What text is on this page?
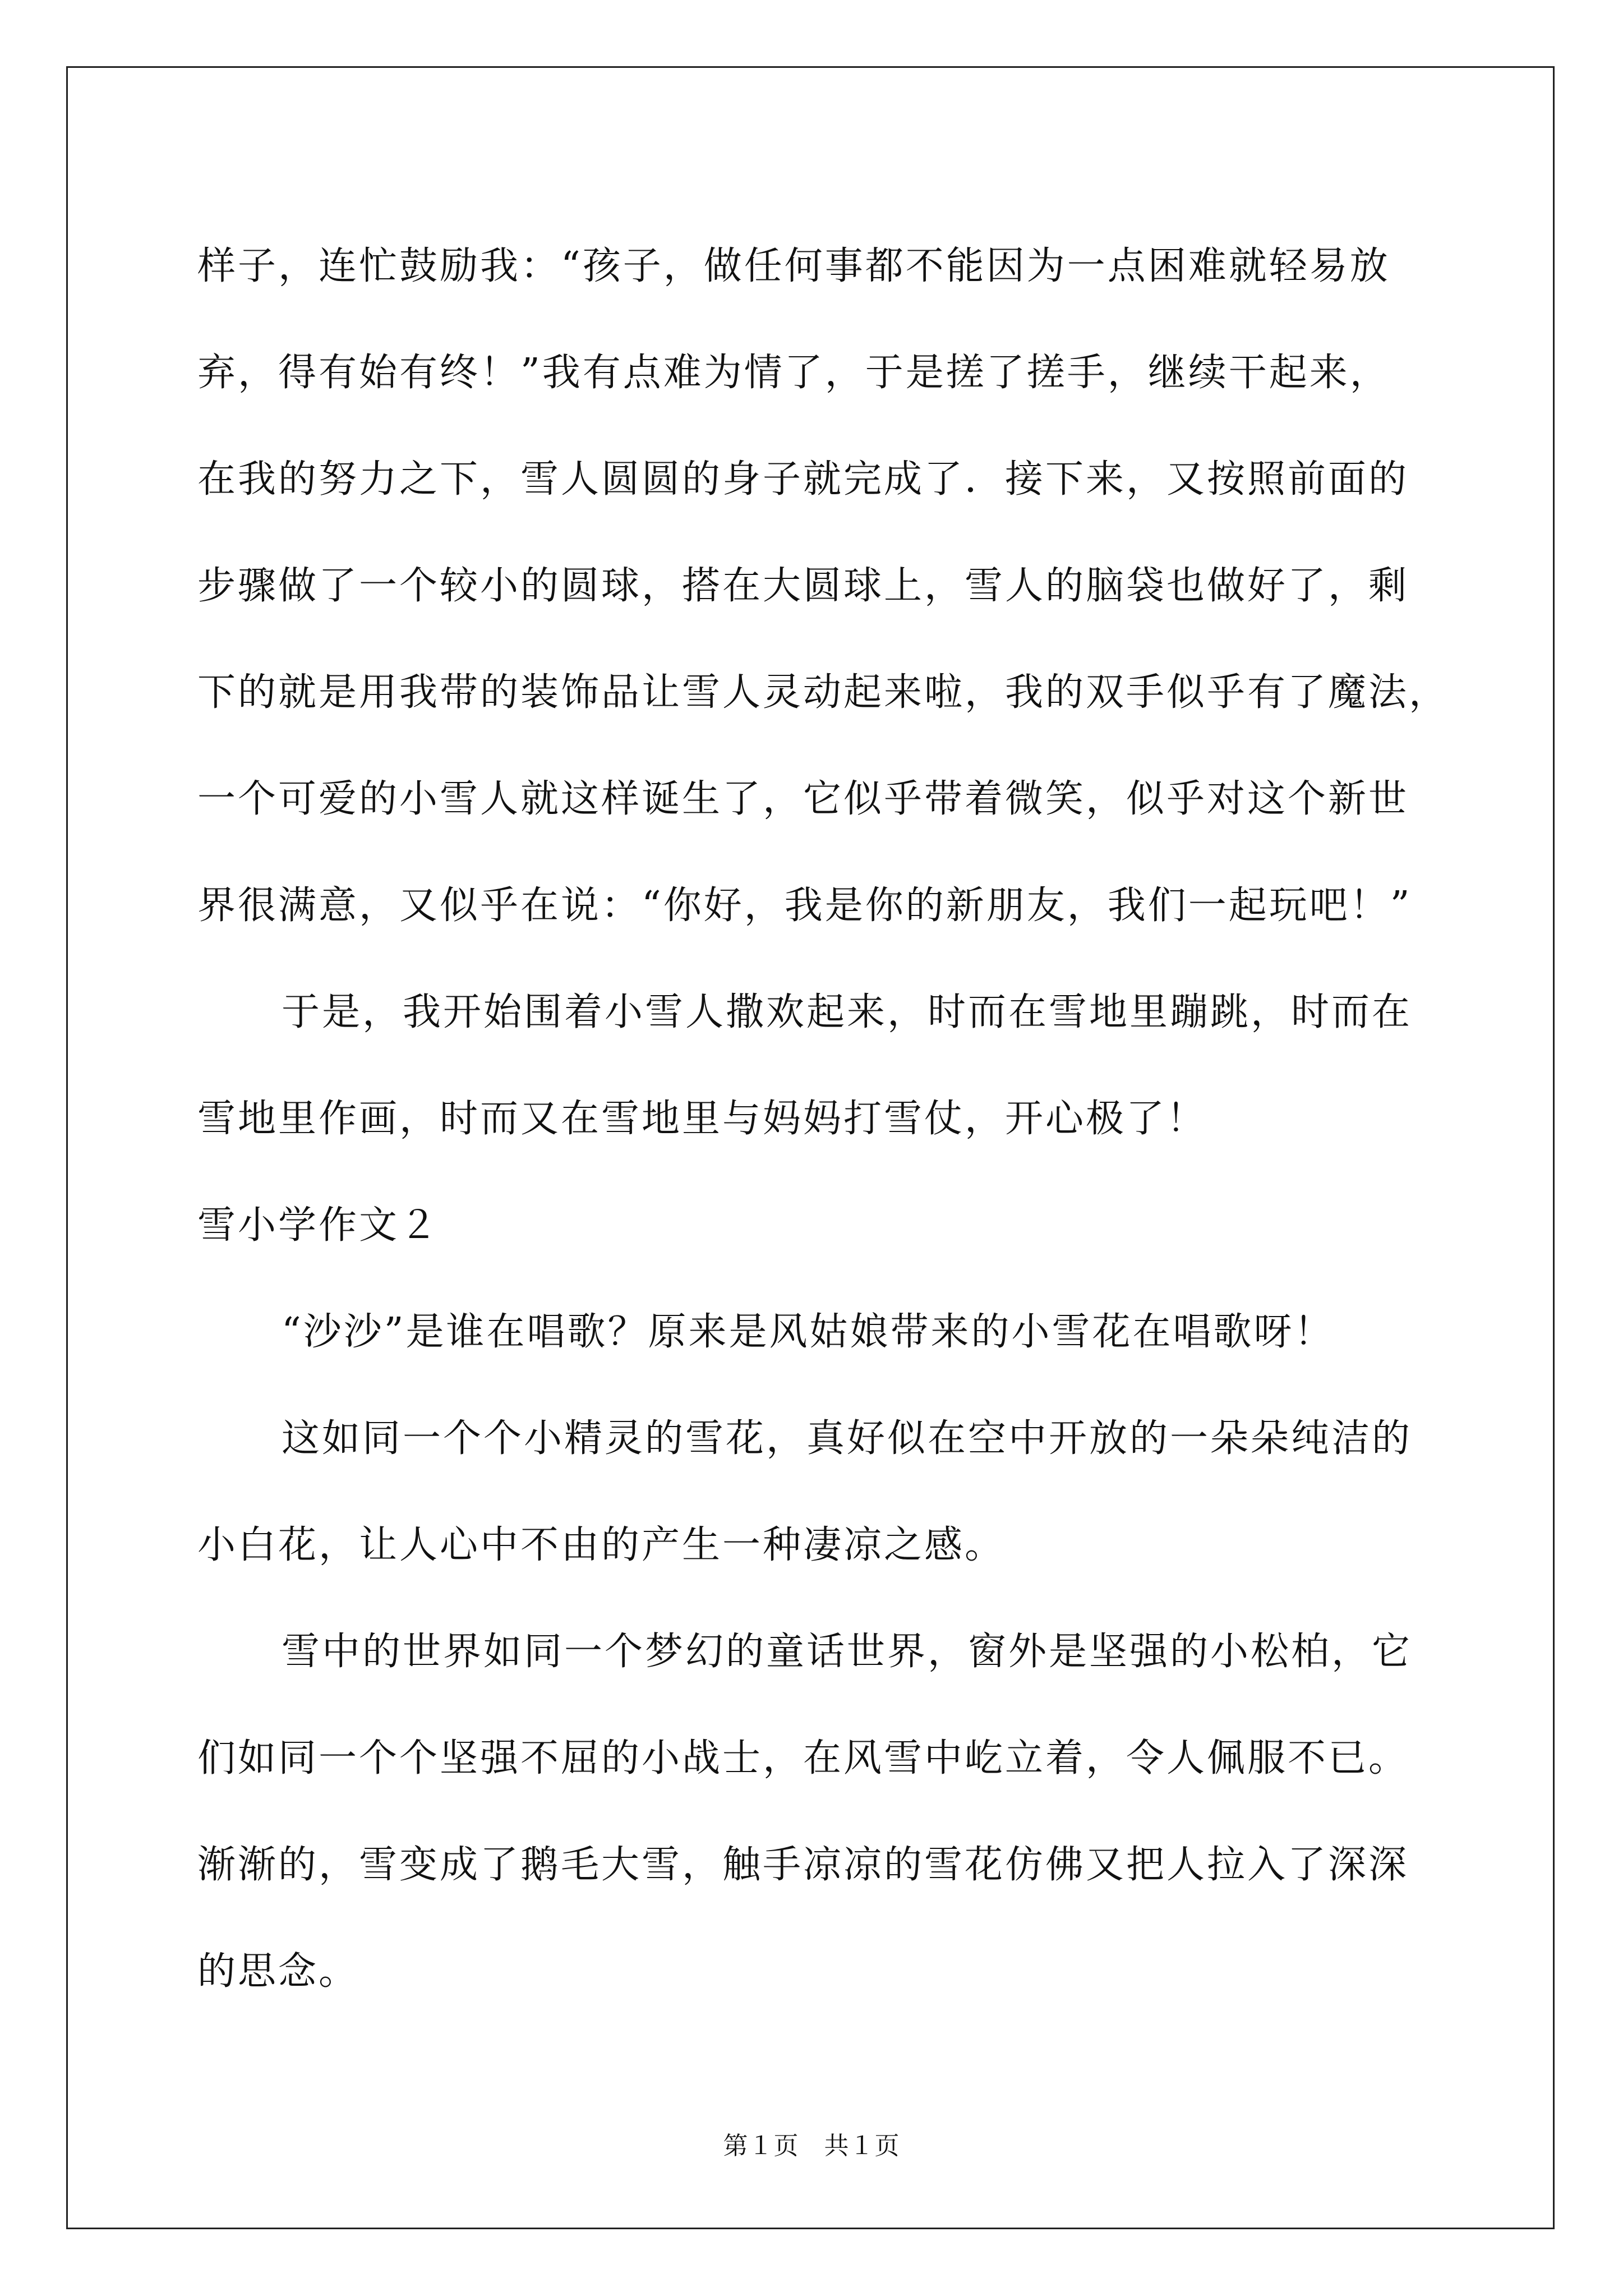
样子，连忙鼓励我：“孩子，做任何事都不能因为一点困难就轻易放
弃，得有始有终！”我有点难为情了，于是搓了搓手，继续干起来，
在我的努力之下，雪人圆圆的身子就完成了．接下来，又按照前面的
步骤做了一个较小的圆球，搭在大圆球上，雪人的脑袋也做好了，剩
下的就是用我带的装饰品让雪人灵动起来啦，我的双手似乎有了魔法，
一个可爱的小雪人就这样诞生了，它似乎带着微笑，似乎对这个新世
界很满意，又似乎在说：“你好，我是你的新朋友，我们一起玩吧！”
于是，我开始围着小雪人撒欢起来，时而在雪地里蹦跳，时而在
雪地里作画，时而又在雪地里与妈妈打雪仗，开心极了！
雪小学作文２
“沙沙”是谁在唱歌？原来是风姑娘带来的小雪花在唱歌呀！
这如同一个个小精灵的雪花，真好似在空中开放的一朵朵纯洁的
小白花，让人心中不由的产生一种凄凉之感。
雪中的世界如同一个梦幻的童话世界，窗外是坚强的小松柏，它
们如同一个个坚强不屈的小战士，在风雪中屹立着，令人佩服不已。
渐渐的，雪变成了鹅毛大雪，触手凉凉的雪花仿佛又把人拉入了深深
的思念。
第１页　共１页
